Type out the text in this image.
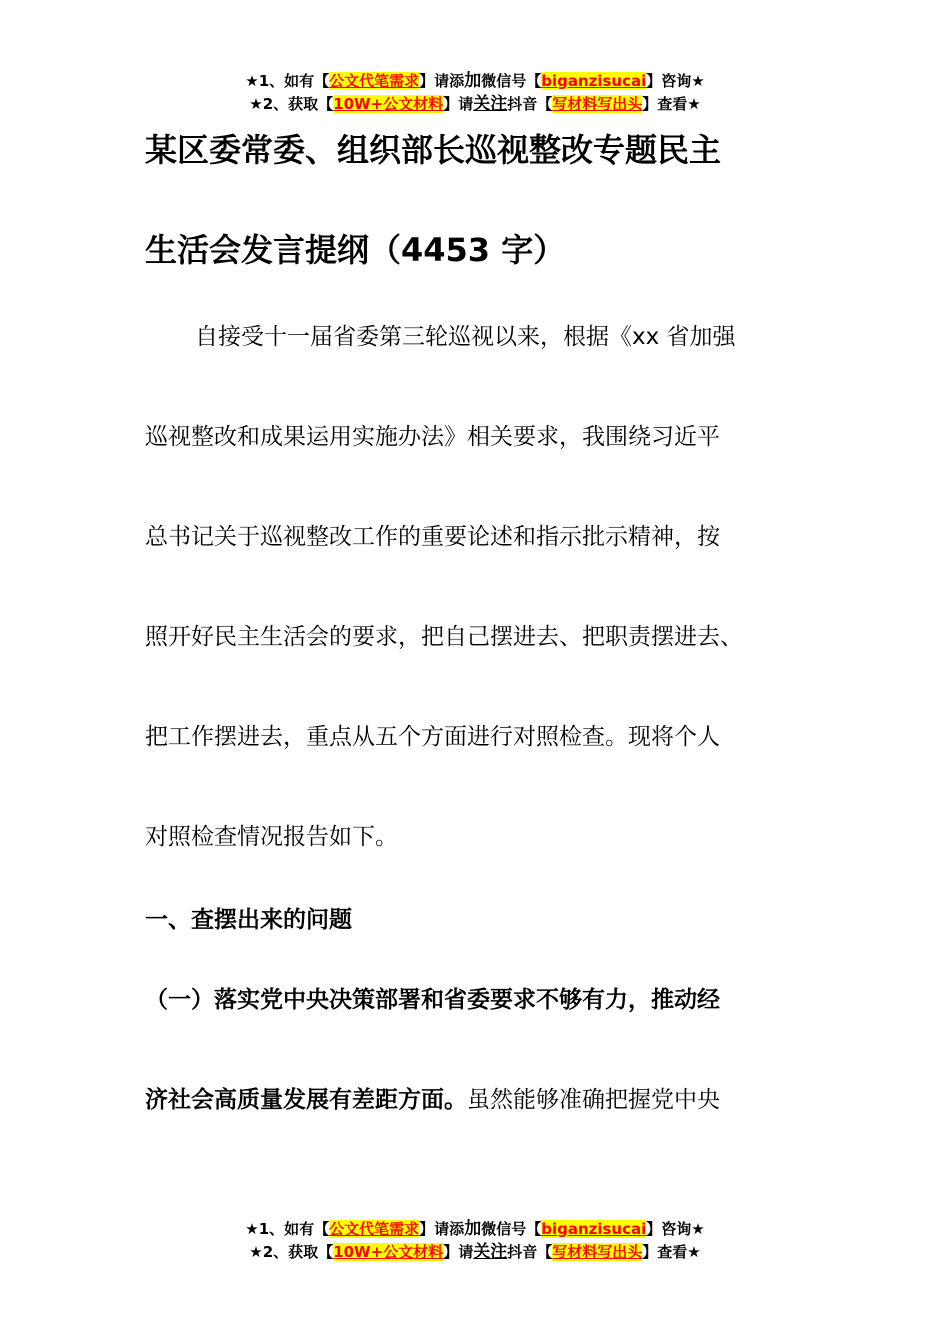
★1、如有【公文代笔需求】请添加微信号【biganzisucai】咨询★
★2、获取【10W+公文材料】请关注抖音【写材料写出头】查看★
某区委常委、组织部长巡视整改专题民主
生活会发言提纲（4453 字）
自接受十一届省委第三轮巡视以来，根据《xx 省加强
巡视整改和成果运用实施办法》相关要求，我围绕习近平
总书记关于巡视整改工作的重要论述和指示批示精神，按
照开好民主生活会的要求，把自己摆进去、把职责摆进去、
把工作摆进去，重点从五个方面进行对照检查。现将个人
对照检查情况报告如下。
一、查摆出来的问题
（一）落实党中央决策部署和省委要求不够有力，推动经
济社会高质量发展有差距方面。虽然能够准确把握党中央
★1、如有【公文代笔需求】请添加微信号【biganzisucai】咨询★
★2、获取【10W+公文材料】请关注抖音【写材料写出头】查看★
